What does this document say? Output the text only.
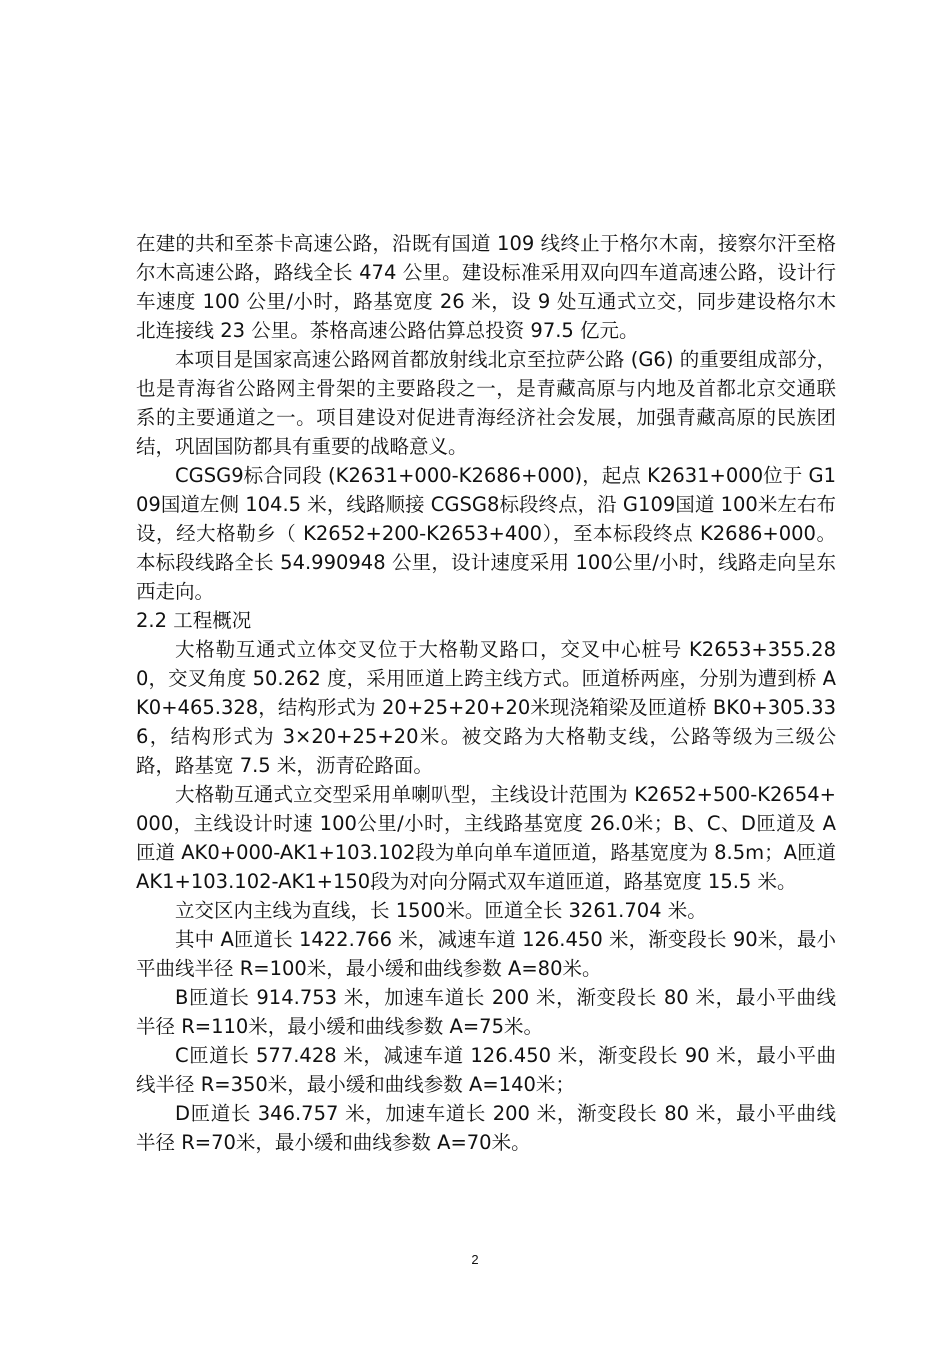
在建的共和至茶卡高速公路，沿既有国道 109 线终止于格尔木南，接察尔汗至格尔木高速公路，路线全长 474 公里。建设标准采用双向四车道高速公路，设计行车速度 100 公里/小时，路基宽度 26 米，设 9 处互通式立交，同步建设格尔木北连接线 23 公里。茶格高速公路估算总投资 97.5 亿元。

本项目是国家高速公路网首都放射线北京至拉萨公路 (G6) 的重要组成部分，也是青海省公路网主骨架的主要路段之一，是青藏高原与内地及首都北京交通联系的主要通道之一。项目建设对促进青海经济社会发展，加强青藏高原的民族团结，巩固国防都具有重要的战略意义。

CGSG9标合同段 (K2631+000-K2686+000)，起点 K2631+000位于 G109国道左侧 104.5 米，线路顺接 CGSG8标段终点，沿 G109国道 100米左右布设，经大格勒乡（ K2652+200-K2653+400），至本标段终点 K2686+000。本标段线路全长 54.990948 公里，设计速度采用 100公里/小时，线路走向呈东西走向。

2.2 工程概况

大格勒互通式立体交叉位于大格勒叉路口，交叉中心桩号 K2653+355.280，交叉角度 50.262 度，采用匝道上跨主线方式。匝道桥两座，分别为遭到桥 AK0+465.328，结构形式为 20+25+20+20米现浇箱梁及匝道桥 BK0+305.336，结构形式为 3×20+25+20米。被交路为大格勒支线，公路等级为三级公路，路基宽 7.5 米，沥青砼路面。

大格勒互通式立交型采用单喇叭型，主线设计范围为 K2652+500-K2654+000，主线设计时速 100公里/小时，主线路基宽度 26.0米；B、C、D匝道及 A匝道 AK0+000-AK1+103.102段为单向单车道匝道，路基宽度为 8.5m；A匝道 AK1+103.102-AK1+150段为对向分隔式双车道匝道，路基宽度 15.5 米。

立交区内主线为直线，长 1500米。匝道全长 3261.704 米。

其中 A匝道长 1422.766 米，减速车道 126.450 米，渐变段长 90米，最小平曲线半径 R=100米，最小缓和曲线参数 A=80米。

B匝道长 914.753 米，加速车道长 200 米，渐变段长 80 米，最小平曲线半径 R=110米，最小缓和曲线参数 A=75米。

C匝道长 577.428 米，减速车道 126.450 米，渐变段长 90 米，最小平曲线半径 R=350米，最小缓和曲线参数 A=140米；

D匝道长 346.757 米，加速车道长 200 米，渐变段长 80 米，最小平曲线半径 R=70米，最小缓和曲线参数 A=70米。

2
